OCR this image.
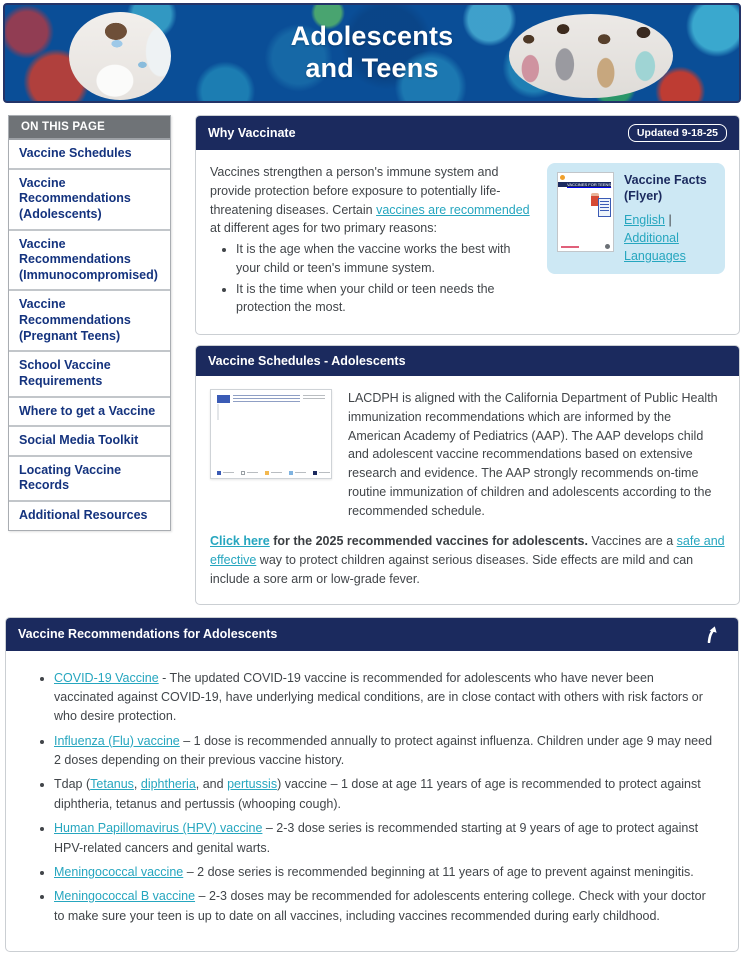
Adolescents
and Teens
ON THIS PAGE
Vaccine Schedules
Vaccine Recommendations (Adolescents)
Vaccine Recommendations (Immunocompromised)
Vaccine Recommendations (Pregnant Teens)
School Vaccine Requirements
Where to get a Vaccine
Social Media Toolkit
Locating Vaccine Records
Additional Resources
Why Vaccinate	Updated 9-18-25

Vaccines strengthen a person's immune system and provide protection before exposure to potentially life-threatening diseases. Certain vaccines are recommended at different ages for two primary reasons:

• It is the age when the vaccine works the best with your child or teen's immune system.
• It is the time when your child or teen needs the protection the most.
VACCINES FOR TEENS Vaccine Facts (Flyer)
English | Additional Languages
Vaccine Schedules - Adolescents

LACDPH is aligned with the California Department of Public Health immunization recommendations which are informed by the American Academy of Pediatrics (AAP). The AAP develops child and adolescent vaccine recommendations based on extensive research and evidence. The AAP strongly recommends on-time routine immunization of children and adolescents according to the recommended schedule.

Click here for the 2025 recommended vaccines for adolescents. Vaccines are a safe and effective way to protect children against serious diseases. Side effects are mild and can include a sore arm or low-grade fever.

Vaccine Recommendations for Adolescents
• COVID-19 Vaccine - The updated COVID-19 vaccine is recommended for adolescents who have never been vaccinated against COVID-19, have underlying medical conditions, are in close contact with others with risk factors or who desire protection.
• Influenza (Flu) vaccine – 1 dose is recommended annually to protect against influenza. Children under age 9 may need 2 doses depending on their previous vaccine history.
• Tdap (Tetanus, diphtheria, and pertussis) vaccine – 1 dose at age 11 years of age is recommended to protect against diphtheria, tetanus and pertussis (whooping cough).
• Human Papillomavirus (HPV) vaccine – 2-3 dose series is recommended starting at 9 years of age to protect against HPV-related cancers and genital warts.
• Meningococcal vaccine – 2 dose series is recommended beginning at 11 years of age to prevent against meningitis.
• Meningococcal B vaccine – 2-3 doses may be recommended for adolescents entering college. Check with your doctor to make sure your teen is up to date on all vaccines, including vaccines recommended during early childhood.
